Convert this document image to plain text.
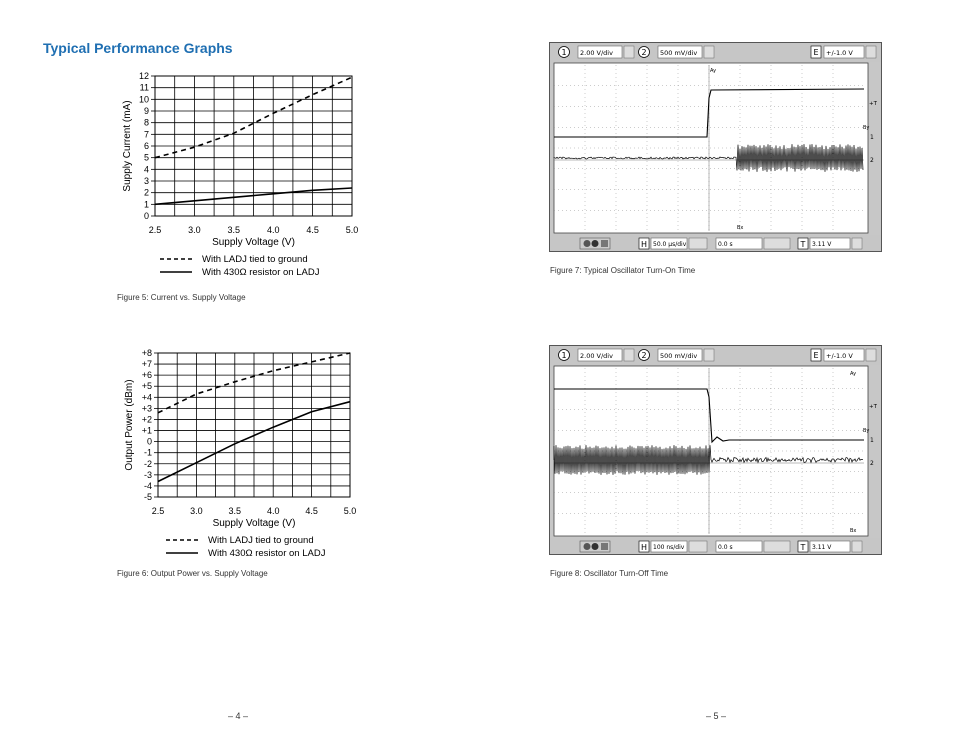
Typical Performance Graphs
0
1
2
3
4
5
6
7
8
9
10
11
12
2.5	3.0	3.5	4.0	4.5	5.0
Supply Voltage (V)
Supply Current (mA)
With LADJ tied to ground
With 430Ω resistor on LADJ
Figure 5: Current vs. Supply Voltage
-5
-4
-3
-2
-1
0
+1
+2
+3
+4
+5
+6
+7
+8
2.5	3.0	3.5	4.0	4.5	5.0
Supply Voltage (V)
Output Power (dBm)
With LADJ tied to ground
With 430Ω resistor on LADJ
Figure 6: Output Power vs. Supply Voltage
1 2.00 V/div	2 500 mV/div	E +/-1.0 V
Ay
Bx
+T
By
1
2
H 50.0 µs/div	0.0 s	T 3.11 V
Figure 7: Typical Oscillator Turn-On Time
1 2.00 V/div	2 500 mV/div	E +/-1.0 V
Ay
Bx
+T
By
1
2
H 100 ns/div	0.0 s	T 3.11 V
Figure 8: Oscillator Turn-Off Time
– 4 –	– 5 –
